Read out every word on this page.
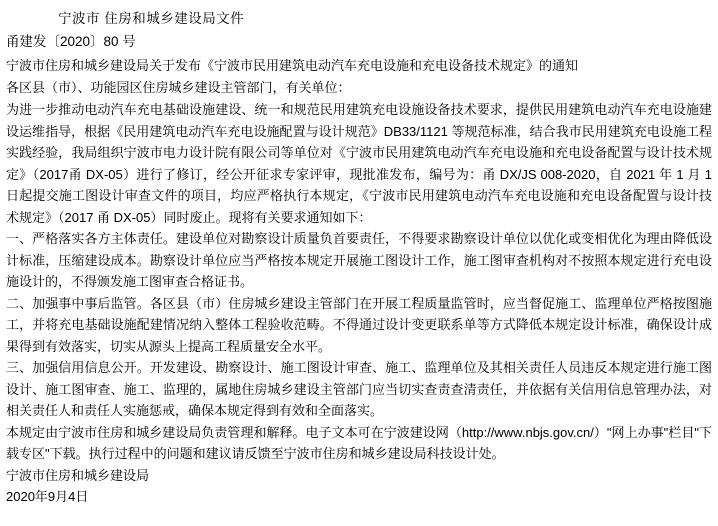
宁波市 住房和城乡建设局文件
甬建发〔2020〕80 号
宁波市住房和城乡建设局关于发布《宁波市民用建筑电动汽车充电设施和充电设备技术规定》的通知
各区县（市）、功能园区住房城乡建设主管部门，有关单位：

为进一步推动电动汽车充电基础设施建设、统一和规范民用建筑充电设施设备技术要求，提供民用建筑电动汽车充电设施建设运维指导，根据《民用建筑电动汽车充电设施配置与设计规范》DB33/1121 等规范标准，结合我市民用建筑充电设施工程实践经验，我局组织宁波市电力设计院有限公司等单位对《宁波市民用建筑电动汽车充电设施和充电设备配置与设计技术规定》（2017甬 DX-05）进行了修订，经公开征求专家评审，现批准发布，编号为：甬 DX/JS 008-2020，自 2021 年 1 月 1 日起提交施工图设计审查文件的项目，均应严格执行本规定，《宁波市民用建筑电动汽车充电设施和充电设备配置与设计技术规定》（2017 甬 DX-05）同时废止。现将有关要求通知如下：

一、严格落实各方主体责任。建设单位对勘察设计质量负首要责任，不得要求勘察设计单位以优化或变相优化为理由降低设计标准，压缩建设成本。勘察设计单位应当严格按本规定开展施工图设计工作，施工图审查机构对不按照本规定进行充电设施设计的，不得颁发施工图审查合格证书。

二、加强事中事后监管。各区县（市）住房城乡建设主管部门在开展工程质量监管时，应当督促施工、监理单位严格按图施工，并将充电基础设施配建情况纳入整体工程验收范畴。不得通过设计变更联系单等方式降低本规定设计标准，确保设计成果得到有效落实，切实从源头上提高工程质量安全水平。

三、加强信用信息公开。开发建设、勘察设计、施工图设计审查、施工、监理单位及其相关责任人员违反本规定进行施工图设计、施工图审查、施工、监理的，属地住房城乡建设主管部门应当切实查责查清责任，并依据有关信用信息管理办法，对相关责任人和责任人实施惩戒，确保本规定得到有效和全面落实。

本规定由宁波市住房和城乡建设局负责管理和解释。电子文本可在宁波建设网（http://www.nbjs.gov.cn/）"网上办事"栏目"下载专区"下载。执行过程中的问题和建议请反馈至宁波市住房和城乡建设局科技设计处。

宁波市住房和城乡建设局
2020年9月4日
